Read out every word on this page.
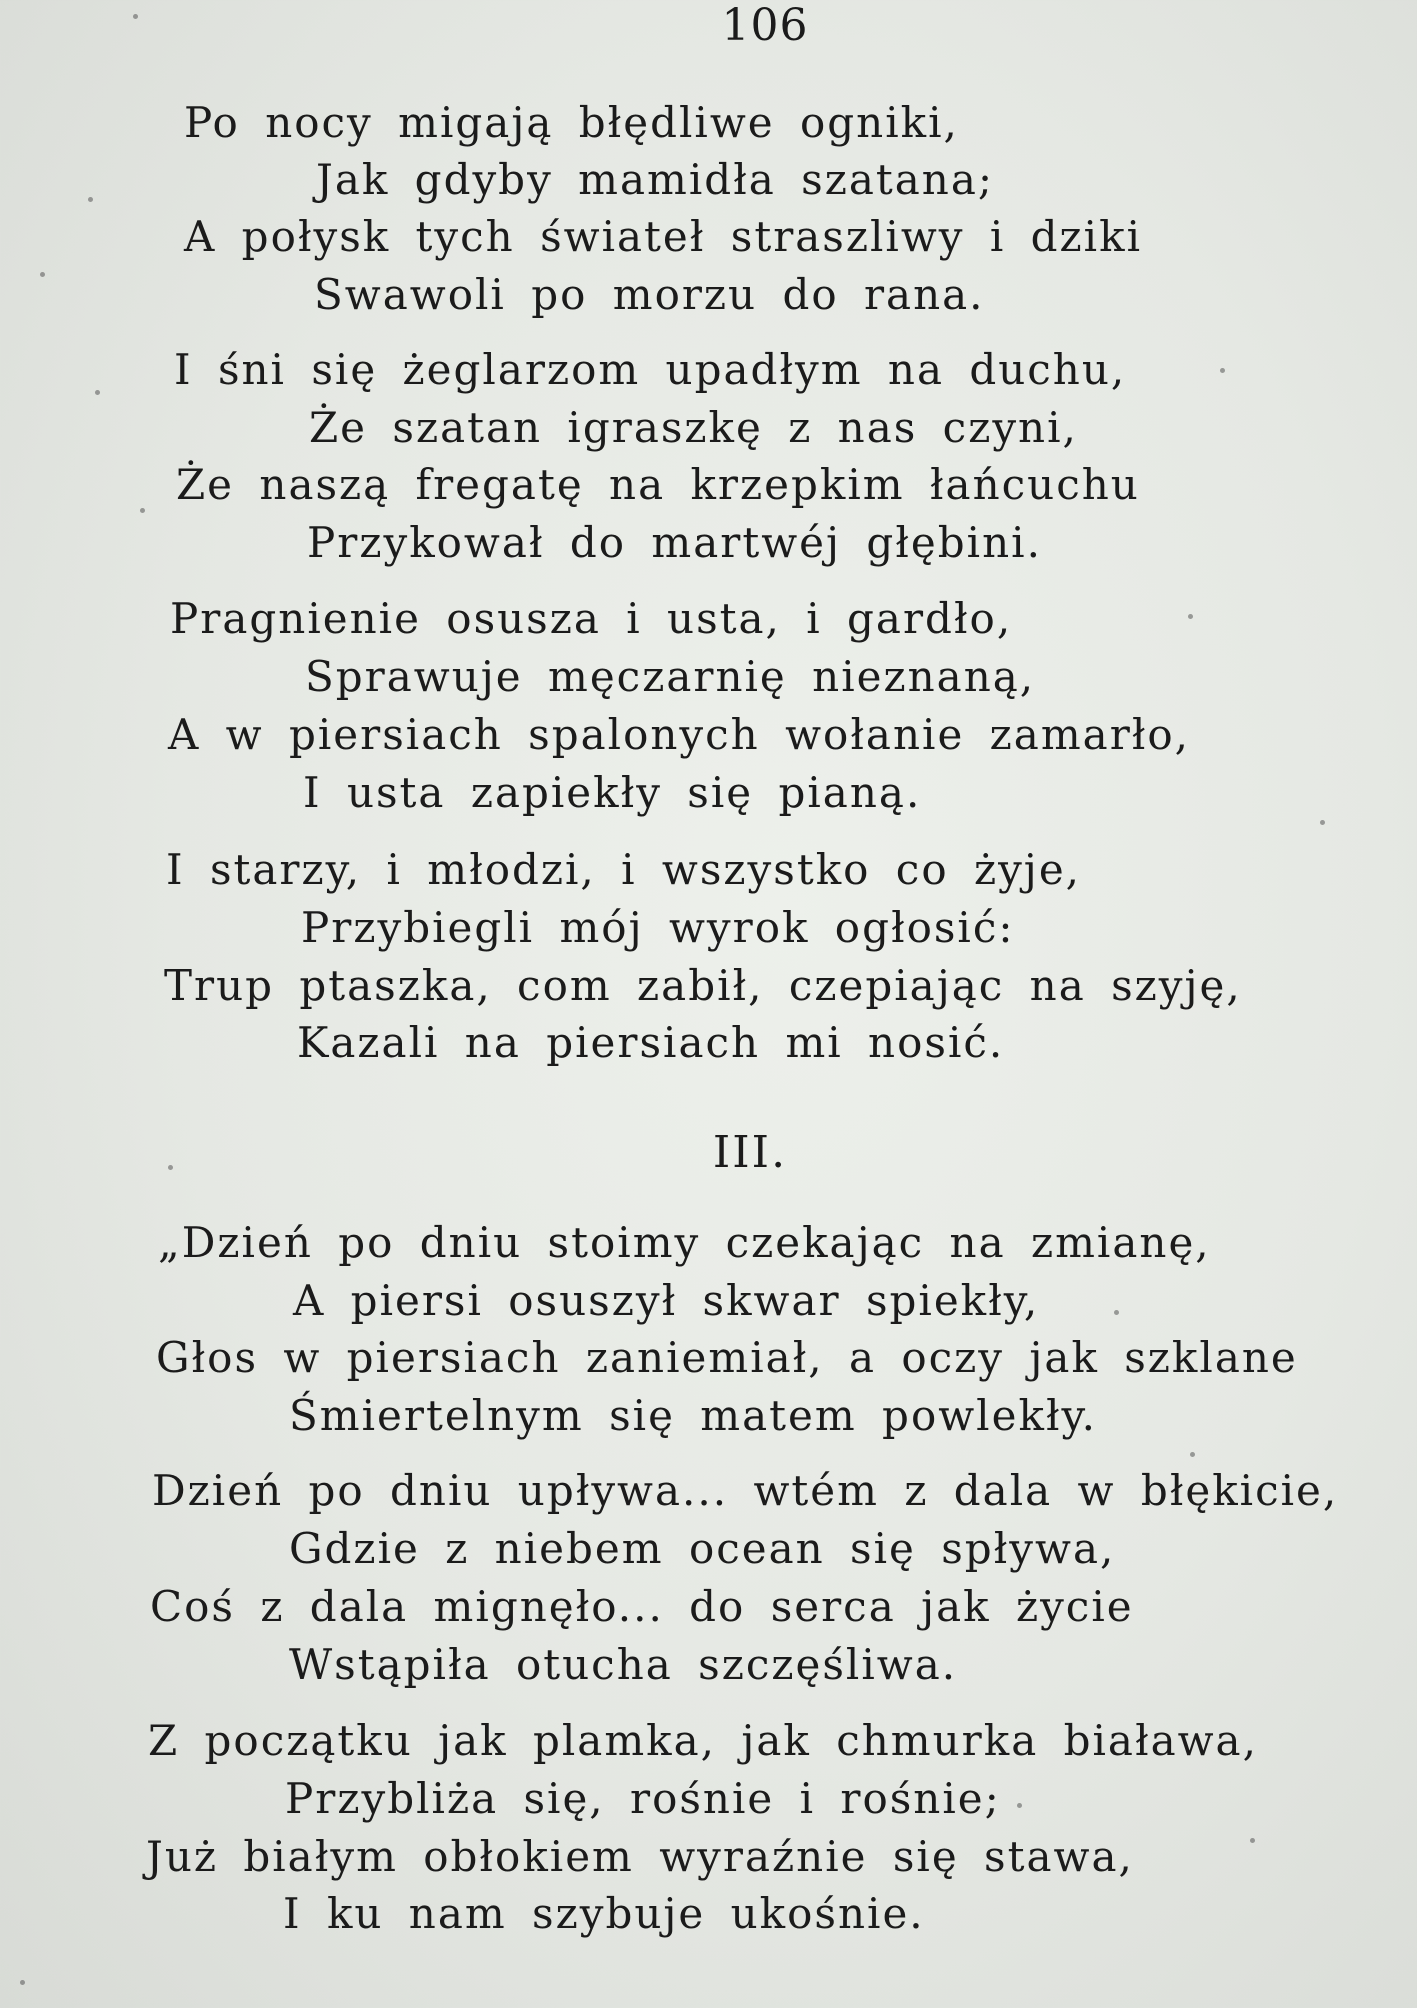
106
Po nocy migają błędliwe ogniki,
Jak gdyby mamidła szatana;
A połysk tych świateł straszliwy i dziki
Swawoli po morzu do rana.
I śni się żeglarzom upadłym na duchu,
Że szatan igraszkę z nas czyni,
Że naszą fregatę na krzepkim łańcuchu
Przykował do martwéj głębini.
Pragnienie osusza i usta, i gardło,
Sprawuje męczarnię nieznaną,
A w piersiach spalonych wołanie zamarło,
I usta zapiekły się pianą.
I starzy, i młodzi, i wszystko co żyje,
Przybiegli mój wyrok ogłosić:
Trup ptaszka, com zabił, czepiając na szyję,
Kazali na piersiach mi nosić.
III.
„Dzień po dniu stoimy czekając na zmianę,
A piersi osuszył skwar spiekły,
Głos w piersiach zaniemiał, a oczy jak szklane
Śmiertelnym się matem powlekły.
Dzień po dniu upływa... wtém z dala w błękicie,
Gdzie z niebem ocean się spływa,
Coś z dala mignęło... do serca jak życie
Wstąpiła otucha szczęśliwa.
Z początku jak plamka, jak chmurka biaława,
Przybliża się, rośnie i rośnie;
Już białym obłokiem wyraźnie się stawa,
I ku nam szybuje ukośnie.
